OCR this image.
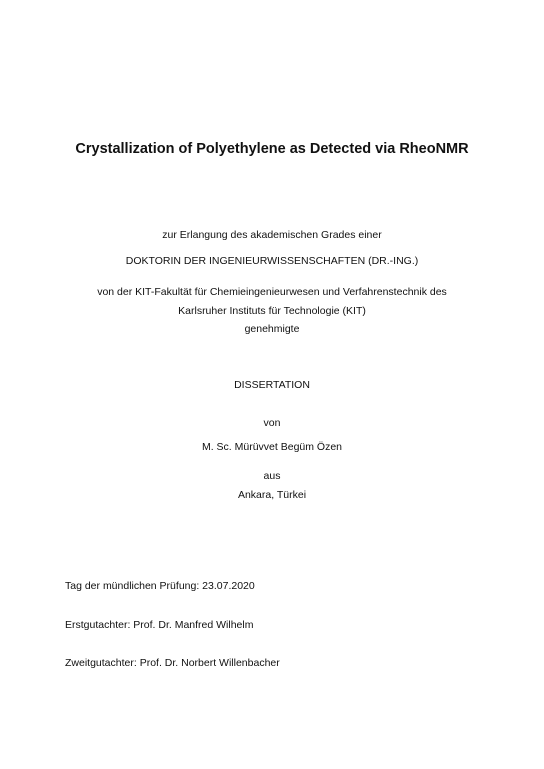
Crystallization of Polyethylene as Detected via RheoNMR
zur Erlangung des akademischen Grades einer
DOKTORIN DER INGENIEURWISSENSCHAFTEN (DR.-ING.)
von der KIT-Fakultät für Chemieingenieurwesen und Verfahrenstechnik des
Karlsruher Instituts für Technologie (KIT)
genehmigte
DISSERTATION
von
M. Sc. Mürüvvet Begüm Özen
aus
Ankara, Türkei
Tag der mündlichen Prüfung: 23.07.2020
Erstgutachter: Prof. Dr. Manfred Wilhelm
Zweitgutachter: Prof. Dr. Norbert Willenbacher
